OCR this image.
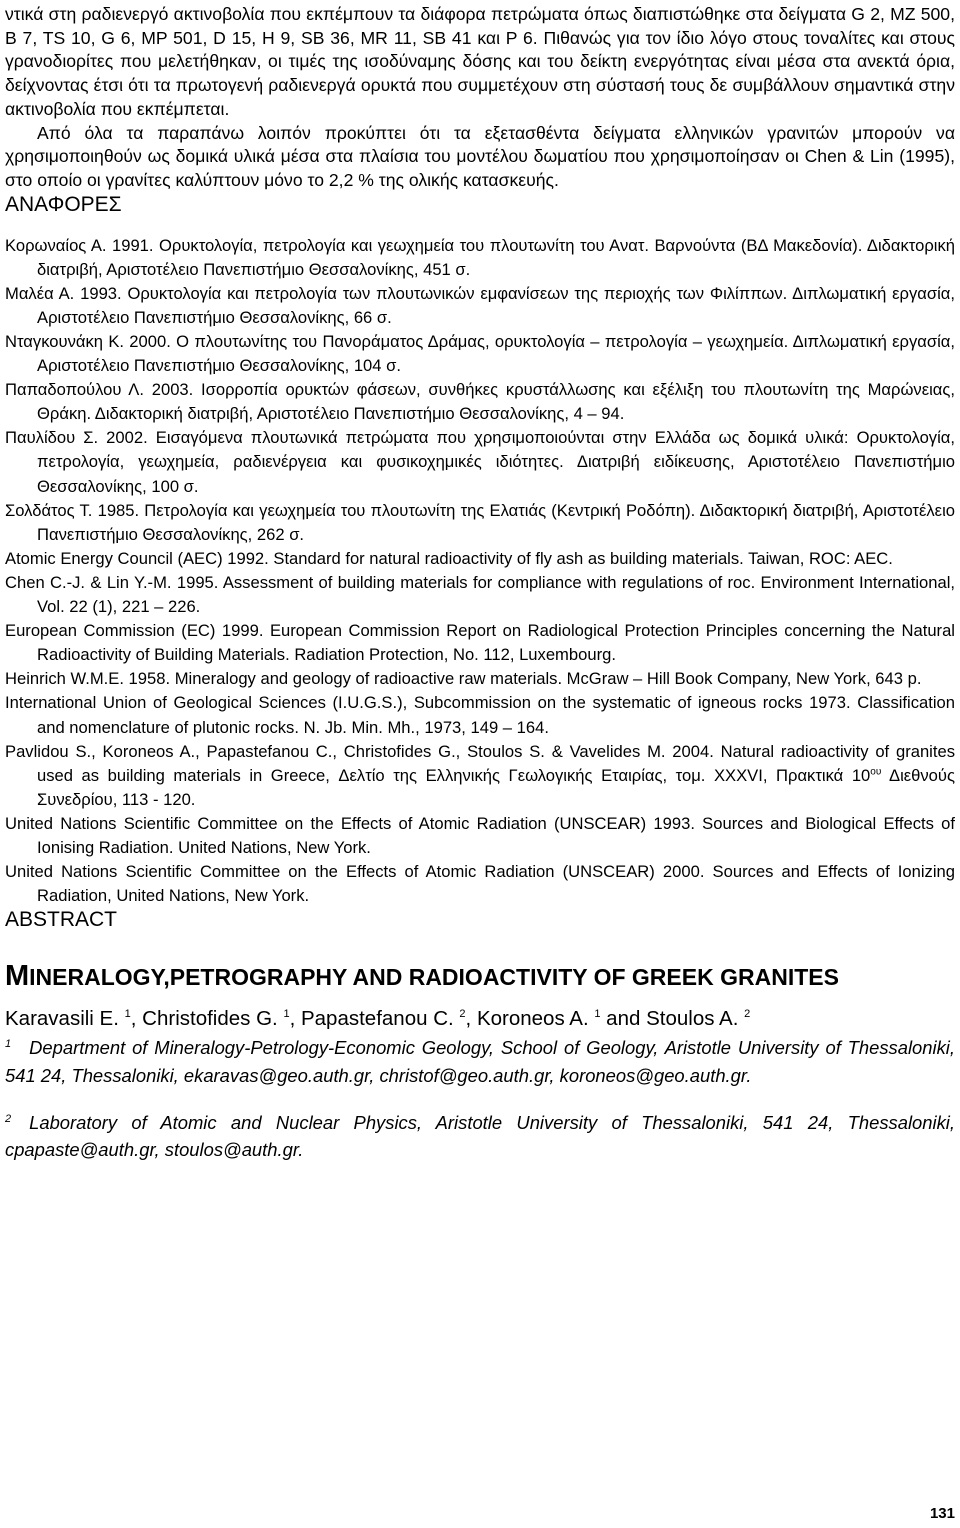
ντικά στη ραδιενεργό ακτινοβολία που εκπέμπουν τα διάφορα πετρώματα όπως διαπιστώθηκε στα δείγματα G 2, MZ 500, B 7, TS 10, G 6, MP 501, D 15, H 9, SB 36, MR 11, SB 41 και P 6. Πιθανώς για τον ίδιο λόγο στους τοναλίτες και στους γρανοδιορίτες που μελετήθηκαν, οι τιμές της ισοδύναμης δόσης και του δείκτη ενεργότητας είναι μέσα στα ανεκτά όρια, δείχνοντας έτσι ότι τα πρωτογενή ραδιενεργά ορυκτά που συμμετέχουν στη σύστασή τους δε συμβάλλουν σημαντικά στην ακτινοβολία που εκπέμπεται.

Από όλα τα παραπάνω λοιπόν προκύπτει ότι τα εξετασθέντα δείγματα ελληνικών γρανιτών μπορούν να χρησιμοποιηθούν ως δομικά υλικά μέσα στα πλαίσια του μοντέλου δωματίου που χρησιμοποίησαν οι Chen & Lin (1995), στο οποίο οι γρανίτες καλύπτουν μόνο το 2,2 % της ολικής κατασκευής.

ΑΝΑΦΟΡΕΣ
Κορωναίος Α. 1991. Ορυκτολογία, πετρολογία και γεωχημεία του πλουτωνίτη του Ανατ. Βαρνούντα (ΒΔ Μακεδονία). Διδακτορική διατριβή, Αριστοτέλειο Πανεπιστήμιο Θεσσαλονίκης, 451 σ.
Μαλέα Α. 1993. Ορυκτολογία και πετρολογία των πλουτωνικών εμφανίσεων της περιοχής των Φιλίππων. Διπλωματική εργασία, Αριστοτέλειο Πανεπιστήμιο Θεσσαλονίκης, 66 σ.
Νταγκουνάκη Κ. 2000. Ο πλουτωνίτης του Πανοράματος Δράμας, ορυκτολογία – πετρολογία – γεωχημεία. Διπλωματική εργασία, Αριστοτέλειο Πανεπιστήμιο Θεσσαλονίκης, 104 σ.
Παπαδοπούλου Λ. 2003. Ισορροπία ορυκτών φάσεων, συνθήκες κρυστάλλωσης και εξέλιξη του πλουτωνίτη της Μαρώνειας, Θράκη. Διδακτορική διατριβή, Αριστοτέλειο Πανεπιστήμιο Θεσσαλονίκης, 4 – 94.
Παυλίδου Σ. 2002. Εισαγόμενα πλουτωνικά πετρώματα που χρησιμοποιούνται στην Ελλάδα ως δομικά υλικά: Ορυκτολογία, πετρολογία, γεωχημεία, ραδιενέργεια και φυσικοχημικές ιδιότητες. Διατριβή ειδίκευσης, Αριστοτέλειο Πανεπιστήμιο Θεσσαλονίκης, 100 σ.
Σολδάτος Τ. 1985. Πετρολογία και γεωχημεία του πλουτωνίτη της Ελατιάς (Κεντρική Ροδόπη). Διδακτορική διατριβή, Αριστοτέλειο Πανεπιστήμιο Θεσσαλονίκης, 262 σ.
Atomic Energy Council (AEC) 1992. Standard for natural radioactivity of fly ash as building materials. Taiwan, ROC: AEC.
Chen C.-J. & Lin Y.-M. 1995. Assessment of building materials for compliance with regulations of roc. Environment International, Vol. 22 (1), 221 – 226.
European Commission (EC) 1999. European Commission Report on Radiological Protection Principles concerning the Natural Radioactivity of Building Materials. Radiation Protection, No. 112, Luxembourg.
Heinrich W.M.E. 1958. Mineralogy and geology of radioactive raw materials. McGraw – Hill Book Company, New York, 643 p.
International Union of Geological Sciences (I.U.G.S.), Subcommission on the systematic of igneous rocks 1973. Classification and nomenclature of plutonic rocks. N. Jb. Min. Mh., 1973, 149 – 164.
Pavlidou S., Koroneos A., Papastefanou C., Christofides G., Stoulos S. & Vavelides M. 2004. Natural radioactivity of granites used as building materials in Greece, Δελτίο της Ελληνικής Γεωλογικής Εταιρίας, τομ. ΧΧΧVI, Πρακτικά $10^{o\upsilon}$ Διεθνούς Συνεδρίου, 113 - 120.
United Nations Scientific Committee on the Effects of Atomic Radiation (UNSCEAR) 1993. Sources and Biological Effects of Ionising Radiation. United Nations, New York.
United Nations Scientific Committee on the Effects of Atomic Radiation (UNSCEAR) 2000. Sources and Effects of Ionizing Radiation, United Nations, New York.
ABSTRACT
MINERALOGY,PETROGRAPHY AND RADIOACTIVITY OF GREEK GRANITES
Karavasili E. $^1$, Christofides G. $^1$, Papastefanou C. $^2$, Koroneos A. $^1$ and Stoulos A. $^2$

$^1$ Department of Mineralogy-Petrology-Economic Geology, School of Geology, Aristotle University of Thessaloniki, 541 24, Thessaloniki, ekaravas@geo.auth.gr, christof@geo.auth.gr, koroneos@geo.auth.gr.

$^2$ Laboratory of Atomic and Nuclear Physics, Aristotle University of Thessaloniki, 541 24, Thessaloniki, cpapaste@auth.gr, stoulos@auth.gr.

131
